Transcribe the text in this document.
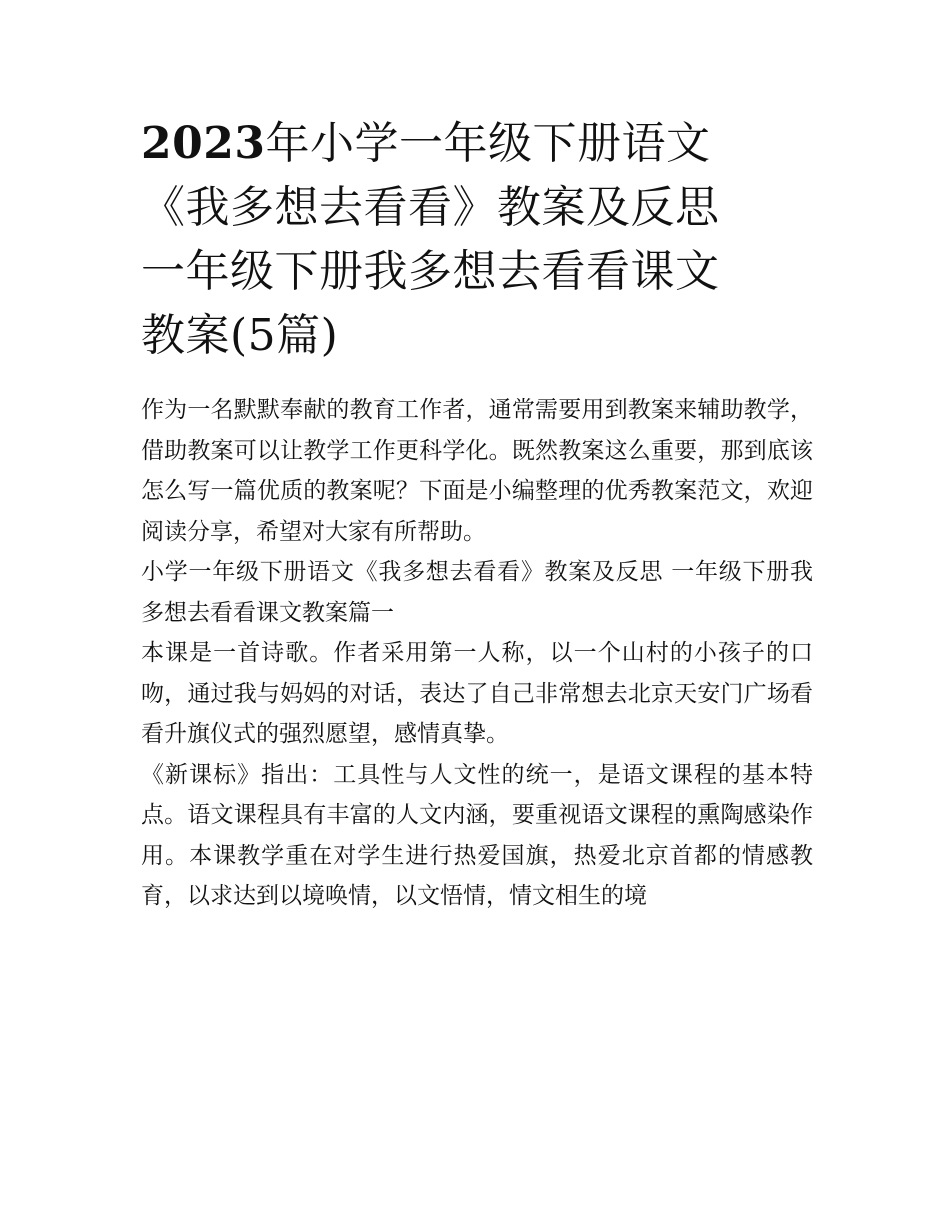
2023年小学一年级下册语文
《我多想去看看》教案及反思
一年级下册我多想去看看课文
教案(5篇)

作为一名默默奉献的教育工作者，通常需要用到教案来辅助教学，借助教案可以让教学工作更科学化。既然教案这么重要，那到底该怎么写一篇优质的教案呢？下面是小编整理的优秀教案范文，欢迎阅读分享，希望对大家有所帮助。

小学一年级下册语文《我多想去看看》教案及反思 一年级下册我多想去看看课文教案篇一

本课是一首诗歌。作者采用第一人称，以一个山村的小孩子的口吻，通过我与妈妈的对话，表达了自己非常想去北京天安门广场看看升旗仪式的强烈愿望，感情真挚。

《新课标》指出：工具性与人文性的统一，是语文课程的基本特点。语文课程具有丰富的人文内涵，要重视语文课程的熏陶感染作用。本课教学重在对学生进行热爱国旗，热爱北京首都的情感教育，以求达到以境唤情，以文悟情，情文相生的境
